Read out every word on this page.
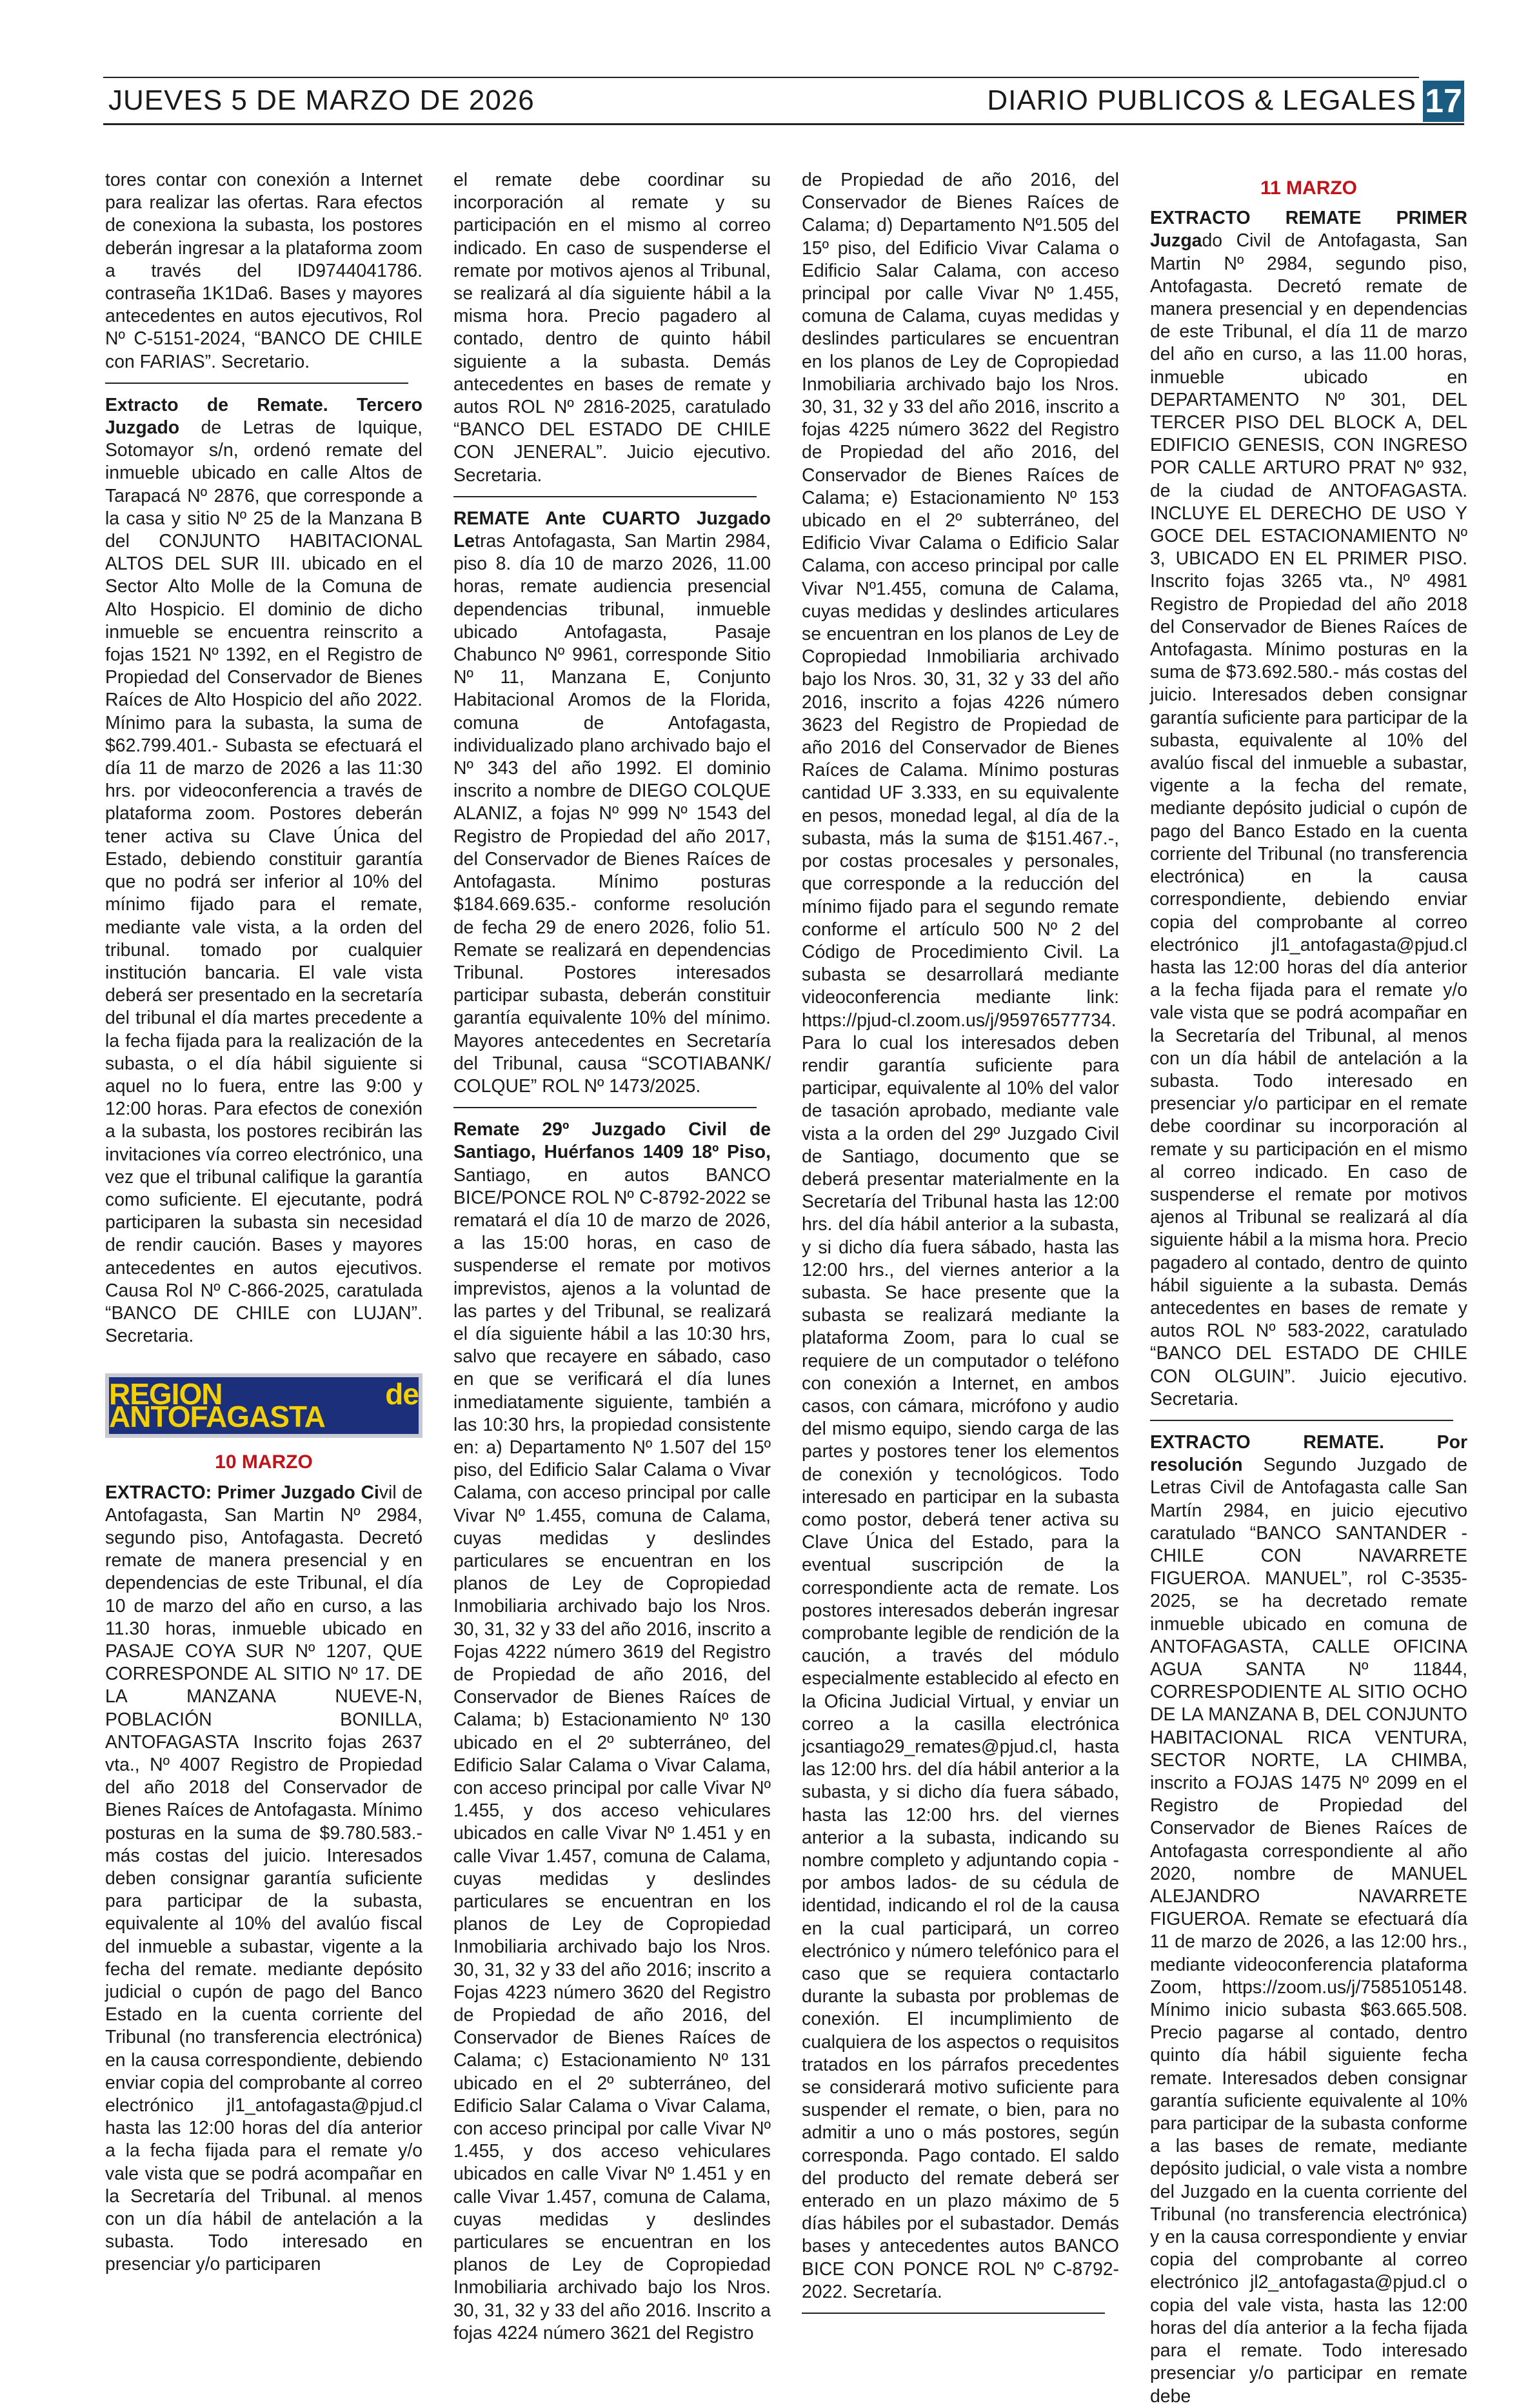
JUEVES 5 DE MARZO DE 2026	DIARIO PUBLICOS & LEGALES 17

tores contar con conexión a Internet para realizar las ofertas. Rara efectos de conexiona la subasta, los postores deberán ingresar a la plataforma zoom a través del ID9744041786. contraseña 1K1Da6. Bases y mayores antecedentes en autos ejecutivos, Rol Nº C-5151-2024, “BANCO DE CHILE con FARIAS”. Secretario.

Extracto de Remate. Tercero Juzgado de Letras de Iquique, Sotomayor s/n, ordenó remate del inmueble ubicado en calle Altos de Tarapacá Nº 2876, que corresponde a la casa y sitio Nº 25 de la Manzana B del CONJUNTO HABITACIONAL ALTOS DEL SUR III. ubicado en el Sector Alto Molle de la Comuna de Alto Hospicio. El dominio de dicho inmueble se encuentra reinscrito a fojas 1521 Nº 1392, en el Registro de Propiedad del Conservador de Bienes Raíces de Alto Hospicio del año 2022. Mínimo para la subasta, la suma de $62.799.401.- Subasta se efectuará el día 11 de marzo de 2026 a las 11:30 hrs. por videoconferencia a través de plataforma zoom. Postores deberán tener activa su Clave Única del Estado, debiendo constituir garantía que no podrá ser inferior al 10% del mínimo fijado para el remate, mediante vale vista, a la orden del tribunal. tomado por cualquier institución bancaria. El vale vista deberá ser presentado en la secretaría del tribunal el día martes precedente a la fecha fijada para la realización de la subasta, o el día hábil siguiente si aquel no lo fuera, entre las 9:00 y 12:00 horas. Para efectos de conexión a la subasta, los postores recibirán las invitaciones vía correo electrónico, una vez que el tribunal califique la garantía como suficiente. El ejecutante, podrá participaren la subasta sin necesidad de rendir caución. Bases y mayores antecedentes en autos ejecutivos. Causa Rol Nº C-866-2025, caratulada “BANCO DE CHILE con LUJAN”. Secretaria.

REGION de ANTOFAGASTA
10 MARZO

EXTRACTO: Primer Juzgado Civil de Antofagasta, San Martin Nº 2984, segundo piso, Antofagasta. Decretó remate de manera presencial y en dependencias de este Tribunal, el día 10 de marzo del año en curso, a las 11.30 horas, inmueble ubicado en PASAJE COYA SUR Nº 1207, QUE CORRESPONDE AL SITIO Nº 17. DE LA MANZANA NUEVE-N, POBLACIÓN BONILLA, ANTOFAGASTA Inscrito fojas 2637 vta., Nº 4007 Registro de Propiedad del año 2018 del Conservador de Bienes Raíces de Antofagasta. Mínimo posturas en la suma de $9.780.583.- más costas del juicio. Interesados deben consignar garantía suficiente para participar de la subasta, equivalente al 10% del avalúo fiscal del inmueble a subastar, vigente a la fecha del remate. mediante depósito judicial o cupón de pago del Banco Estado en la cuenta corriente del Tribunal (no transferencia electrónica) en la causa correspondiente, debiendo enviar copia del comprobante al correo electrónico jl1_antofagasta@pjud.cl hasta las 12:00 horas del día anterior a la fecha fijada para el remate y/o vale vista que se podrá acompañar en la Secretaría del Tribunal. al menos con un día hábil de antelación a la subasta. Todo interesado en presenciar y/o participaren

el remate debe coordinar su incorporación al remate y su participación en el mismo al correo indicado. En caso de suspenderse el remate por motivos ajenos al Tribunal, se realizará al día siguiente hábil a la misma hora. Precio pagadero al contado, dentro de quinto hábil siguiente a la subasta. Demás antecedentes en bases de remate y autos ROL Nº 2816-2025, caratulado “BANCO DEL ESTADO DE CHILE CON JENERAL”. Juicio ejecutivo. Secretaria.

REMATE Ante CUARTO Juzgado Letras Antofagasta, San Martin 2984, piso 8. día 10 de marzo 2026, 11.00 horas, remate audiencia presencial dependencias tribunal, inmueble ubicado Antofagasta, Pasaje Chabunco Nº 9961, corresponde Sitio Nº 11, Manzana E, Conjunto Habitacional Aromos de la Florida, comuna de Antofagasta, individualizado plano archivado bajo el Nº 343 del año 1992. El dominio inscrito a nombre de DIEGO COLQUE ALANIZ, a fojas Nº 999 Nº 1543 del Registro de Propiedad del año 2017, del Conservador de Bienes Raíces de Antofagasta. Mínimo posturas $184.669.635.- conforme resolución de fecha 29 de enero 2026, folio 51. Remate se realizará en dependencias Tribunal. Postores interesados participar subasta, deberán constituir garantía equivalente 10% del mínimo. Mayores antecedentes en Secretaría del Tribunal, causa “SCOTIABANK/ COLQUE” ROL Nº 1473/2025.

Remate 29º Juzgado Civil de Santiago, Huérfanos 1409 18º Piso, Santiago, en autos BANCO BICE/PONCE ROL Nº C-8792-2022 se rematará el día 10 de marzo de 2026, a las 15:00 horas, en caso de suspenderse el remate por motivos imprevistos, ajenos a la voluntad de las partes y del Tribunal, se realizará el día siguiente hábil a las 10:30 hrs, salvo que recayere en sábado, caso en que se verificará el día lunes inmediatamente siguiente, también a las 10:30 hrs, la propiedad consistente en: a) Departamento Nº 1.507 del 15º piso, del Edificio Salar Calama o Vivar Calama, con acceso principal por calle Vivar Nº 1.455, comuna de Calama, cuyas medidas y deslindes particulares se encuentran en los planos de Ley de Copropiedad Inmobiliaria archivado bajo los Nros. 30, 31, 32 y 33 del año 2016, inscrito a Fojas 4222 número 3619 del Registro de Propiedad de año 2016, del Conservador de Bienes Raíces de Calama; b) Estacionamiento Nº 130 ubicado en el 2º subterráneo, del Edificio Salar Calama o Vivar Calama, con acceso principal por calle Vivar Nº 1.455, y dos acceso vehiculares ubicados en calle Vivar Nº 1.451 y en calle Vivar 1.457, comuna de Calama, cuyas medidas y deslindes particulares se encuentran en los planos de Ley de Copropiedad Inmobiliaria archivado bajo los Nros. 30, 31, 32 y 33 del año 2016; inscrito a Fojas 4223 número 3620 del Registro de Propiedad de año 2016, del Conservador de Bienes Raíces de Calama; c) Estacionamiento Nº 131 ubicado en el 2º subterráneo, del Edificio Salar Calama o Vivar Calama, con acceso principal por calle Vivar Nº 1.455, y dos acceso vehiculares ubicados en calle Vivar Nº 1.451 y en calle Vivar 1.457, comuna de Calama, cuyas medidas y deslindes particulares se encuentran en los planos de Ley de Copropiedad Inmobiliaria archivado bajo los Nros. 30, 31, 32 y 33 del año 2016. Inscrito a fojas 4224 número 3621 del Registro

de Propiedad de año 2016, del Conservador de Bienes Raíces de Calama; d) Departamento Nº1.505 del 15º piso, del Edificio Vivar Calama o Edificio Salar Calama, con acceso principal por calle Vivar Nº 1.455, comuna de Calama, cuyas medidas y deslindes particulares se encuentran en los planos de Ley de Copropiedad Inmobiliaria archivado bajo los Nros. 30, 31, 32 y 33 del año 2016, inscrito a fojas 4225 número 3622 del Registro de Propiedad del año 2016, del Conservador de Bienes Raíces de Calama; e) Estacionamiento Nº 153 ubicado en el 2º subterráneo, del Edificio Vivar Calama o Edificio Salar Calama, con acceso principal por calle Vivar Nº1.455, comuna de Calama, cuyas medidas y deslindes articulares se encuentran en los planos de Ley de Copropiedad Inmobiliaria archivado bajo los Nros. 30, 31, 32 y 33 del año 2016, inscrito a fojas 4226 número 3623 del Registro de Propiedad de año 2016 del Conservador de Bienes Raíces de Calama. Mínimo posturas cantidad UF 3.333, en su equivalente en pesos, monedad legal, al día de la subasta, más la suma de $151.467.-, por costas procesales y personales, que corresponde a la reducción del mínimo fijado para el segundo remate conforme el artículo 500 Nº 2 del Código de Procedimiento Civil. La subasta se desarrollará mediante videoconferencia mediante link: https://pjud-cl.zoom.us/j/95976577734. Para lo cual los interesados deben rendir garantía suficiente para participar, equivalente al 10% del valor de tasación aprobado, mediante vale vista a la orden del 29º Juzgado Civil de Santiago, documento que se deberá presentar materialmente en la Secretaría del Tribunal hasta las 12:00 hrs. del día hábil anterior a la subasta, y si dicho día fuera sábado, hasta las 12:00 hrs., del viernes anterior a la subasta. Se hace presente que la subasta se realizará mediante la plataforma Zoom, para lo cual se requiere de un computador o teléfono con conexión a Internet, en ambos casos, con cámara, micrófono y audio del mismo equipo, siendo carga de las partes y postores tener los elementos de conexión y tecnológicos. Todo interesado en participar en la subasta como postor, deberá tener activa su Clave Única del Estado, para la eventual suscripción de la correspondiente acta de remate. Los postores interesados deberán ingresar comprobante legible de rendición de la caución, a través del módulo especialmente establecido al efecto en la Oficina Judicial Virtual, y enviar un correo a la casilla electrónica jcsantiago29_remates@pjud.cl, hasta las 12:00 hrs. del día hábil anterior a la subasta, y si dicho día fuera sábado, hasta las 12:00 hrs. del viernes anterior a la subasta, indicando su nombre completo y adjuntando copia -por ambos lados- de su cédula de identidad, indicando el rol de la causa en la cual participará, un correo electrónico y número telefónico para el caso que se requiera contactarlo durante la subasta por problemas de conexión. El incumplimiento de cualquiera de los aspectos o requisitos tratados en los párrafos precedentes se considerará motivo suficiente para suspender el remate, o bien, para no admitir a uno o más postores, según corresponda. Pago contado. El saldo del producto del remate deberá ser enterado en un plazo máximo de 5 días hábiles por el subastador. Demás bases y antecedentes autos BANCO BICE CON PONCE ROL Nº C-8792-2022. Secretaría.

11 MARZO

EXTRACTO REMATE PRIMER Juzgado Civil de Antofagasta, San Martin Nº 2984, segundo piso, Antofagasta. Decretó remate de manera presencial y en dependencias de este Tribunal, el día 11 de marzo del año en curso, a las 11.00 horas, inmueble ubicado en DEPARTAMENTO Nº 301, DEL TERCER PISO DEL BLOCK A, DEL EDIFICIO GENESIS, CON INGRESO POR CALLE ARTURO PRAT Nº 932, de la ciudad de ANTOFAGASTA. INCLUYE EL DERECHO DE USO Y GOCE DEL ESTACIONAMIENTO Nº 3, UBICADO EN EL PRIMER PISO. Inscrito fojas 3265 vta., Nº 4981 Registro de Propiedad del año 2018 del Conservador de Bienes Raíces de Antofagasta. Mínimo posturas en la suma de $73.692.580.- más costas del juicio. Interesados deben consignar garantía suficiente para participar de la subasta, equivalente al 10% del avalúo fiscal del inmueble a subastar, vigente a la fecha del remate, mediante depósito judicial o cupón de pago del Banco Estado en la cuenta corriente del Tribunal (no transferencia electrónica) en la causa correspondiente, debiendo enviar copia del comprobante al correo electrónico jl1_antofagasta@pjud.cl hasta las 12:00 horas del día anterior a la fecha fijada para el remate y/o vale vista que se podrá acompañar en la Secretaría del Tribunal, al menos con un día hábil de antelación a la subasta. Todo interesado en presenciar y/o participar en el remate debe coordinar su incorporación al remate y su participación en el mismo al correo indicado. En caso de suspenderse el remate por motivos ajenos al Tribunal se realizará al día siguiente hábil a la misma hora. Precio pagadero al contado, dentro de quinto hábil siguiente a la subasta. Demás antecedentes en bases de remate y autos ROL Nº 583-2022, caratulado “BANCO DEL ESTADO DE CHILE CON OLGUIN”. Juicio ejecutivo. Secretaria.

EXTRACTO REMATE. Por resolución Segundo Juzgado de Letras Civil de Antofagasta calle San Martín 2984, en juicio ejecutivo caratulado “BANCO SANTANDER - CHILE CON NAVARRETE FIGUEROA. MANUEL”, rol C-3535-2025, se ha decretado remate inmueble ubicado en comuna de ANTOFAGASTA, CALLE OFICINA AGUA SANTA Nº 11844, CORRESPODIENTE AL SITIO OCHO DE LA MANZANA B, DEL CONJUNTO HABITACIONAL RICA VENTURA, SECTOR NORTE, LA CHIMBA, inscrito a FOJAS 1475 Nº 2099 en el Registro de Propiedad del Conservador de Bienes Raíces de Antofagasta correspondiente al año 2020, nombre de MANUEL ALEJANDRO NAVARRETE FIGUEROA. Remate se efectuará día 11 de marzo de 2026, a las 12:00 hrs., mediante videoconferencia plataforma Zoom, https://zoom.us/j/7585105148. Mínimo inicio subasta $63.665.508. Precio pagarse al contado, dentro quinto día hábil siguiente fecha remate. Interesados deben consignar garantía suficiente equivalente al 10% para participar de la subasta conforme a las bases de remate, mediante depósito judicial, o vale vista a nombre del Juzgado en la cuenta corriente del Tribunal (no transferencia electrónica) y en la causa correspondiente y enviar copia del comprobante al correo electrónico jl2_antofagasta@pjud.cl o copia del vale vista, hasta las 12:00 horas del día anterior a la fecha fijada para el remate. Todo interesado presenciar y/o participar en remate debe
